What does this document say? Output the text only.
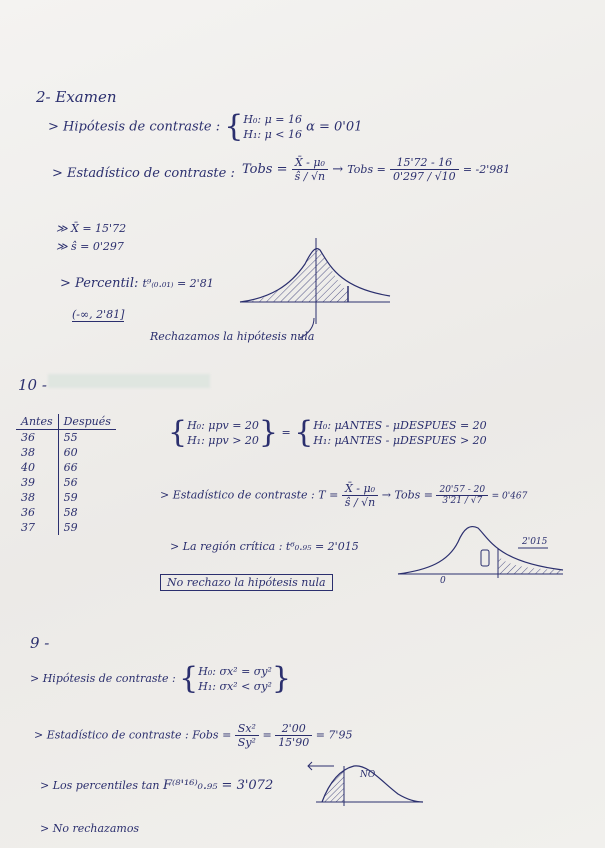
2- Examen
> Hipótesis de contraste : { H₀: μ = 16
H₁: μ < 16 α = 0'01
> Estadístico de contraste : Tobs = $\frac{\text{X̄ - μ₀}}{ŝ / √n}$ → Tobs = $\frac{15'72 - 16}{0'297 / √10} = -2'981$
≫ X̄ = 15'72
≫ ŝ = 0'297
> Percentil: t⁹₍₀.₀₁₎ = 2'81
(-∞, 2'81]
Rechazamos la hipótesis nula
10 -
Antes	Después
36	55
38	60
40	66
39	56
38	59
36	58
37	59
{ H₀: μpv = 20
H₁: μpv > 20 } = { H₀: μANTES - μDESPUES = 20
H₁: μANTES - μDESPUES > 20
> Estadístico de contraste : $T = \frac{\text{X̄ - μ₀}}{ŝ / √n}$ → Tobs = $\frac{20'57 - 20}{3'21 / √7} = 0'467$
> La región crítica : t⁶₀.₉₅ = 2'015	2'015
0
No rechazo la hipótesis nula
9 -
> Hipótesis de contraste : { H₀: σx² = σy²
H₁: σx² < σy² }
> Estadístico de contraste : Fobs = $\frac{\text{Sx²}}{\text{Sy²}} = \frac{2'00}{15'90} = 7'95$
> Los percentiles tan F⁽⁸'¹⁶⁾₀.₉₅ = 3'072
NO
> No rechazamos
